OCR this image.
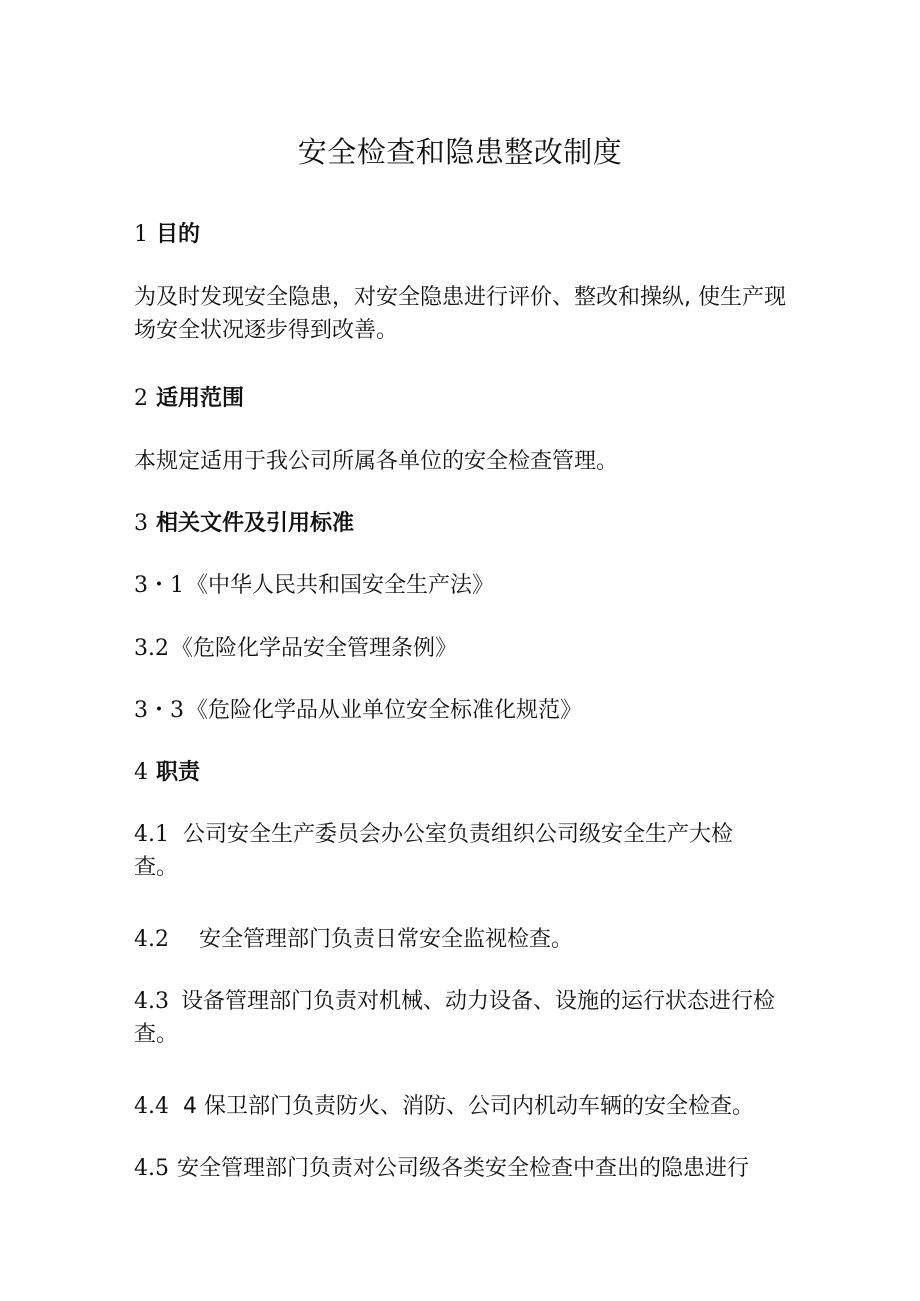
安全检查和隐患整改制度
1 目的
为及时发现安全隐患，对安全隐患进行评价、整改和操纵, 使生产现场安全状况逐步得到改善。
2 适用范围
本规定适用于我公司所属各单位的安全检查管理。
3 相关文件及引用标准
3・1《中华人民共和国安全生产法》
3.2《危险化学品安全管理条例》
3・3《危险化学品从业单位安全标准化规范》
4 职责
4.1 公司安全生产委员会办公室负责组织公司级安全生产大检查。
4.2 安全管理部门负责日常安全监视检查。
4.3 设备管理部门负责对机械、动力设备、设施的运行状态进行检查。
4.4 4 保卫部门负责防火、消防、公司内机动车辆的安全检查。
4.5 安全管理部门负责对公司级各类安全检查中查出的隐患进行
